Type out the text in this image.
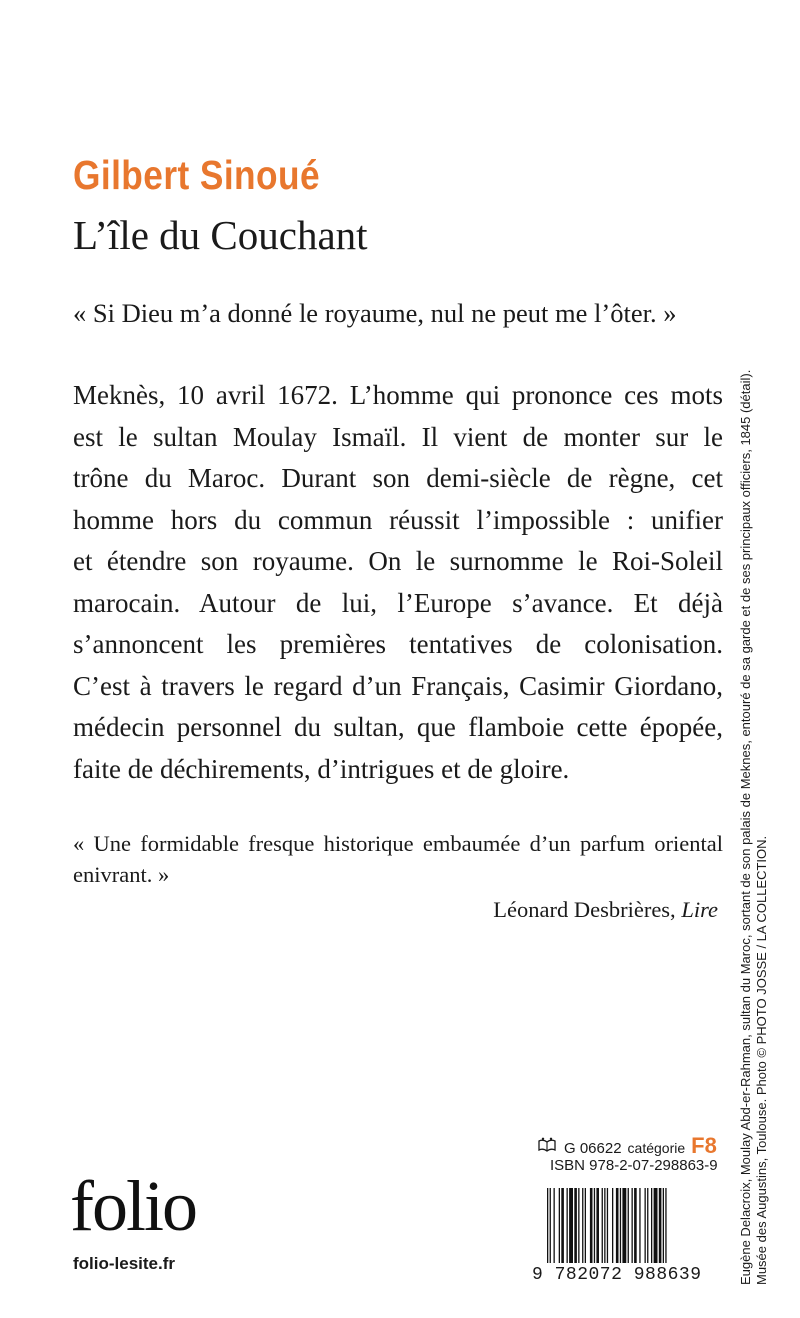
Gilbert Sinoué
L’île du Couchant
« Si Dieu m’a donné le royaume, nul ne peut me l’ôter. »
Meknès, 10 avril 1672. L’homme qui prononce ces mots
est le sultan Moulay Ismaïl. Il vient de monter sur le
trône du Maroc. Durant son demi-siècle de règne, cet
homme hors du commun réussit l’impossible : unifier
et étendre son royaume. On le surnomme le Roi-Soleil
marocain. Autour de lui, l’Europe s’avance. Et déjà
s’annoncent les premières tentatives de colonisation.
C’est à travers le regard d’un Français, Casimir Giordano,
médecin personnel du sultan, que flamboie cette épopée,
faite de déchirements, d’intrigues et de gloire.
« Une formidable fresque historique embaumée d’un parfum oriental
enivrant. »
Léonard Desbrières, Lire Eugène Delacroix, Moulay Abd-er-Rahman, sultan du Maroc, sortant de son palais de Meknes, entouré de sa garde et de ses principaux officiers, 1845 (détail). Musée des Augustins, Toulouse. Photo © PHOTO JOSSE / LA COLLECTION.
G 06622 catégorie F8
ISBN 978-2-07-298863-9
9 782072 988639
folio
folio-lesite.fr
